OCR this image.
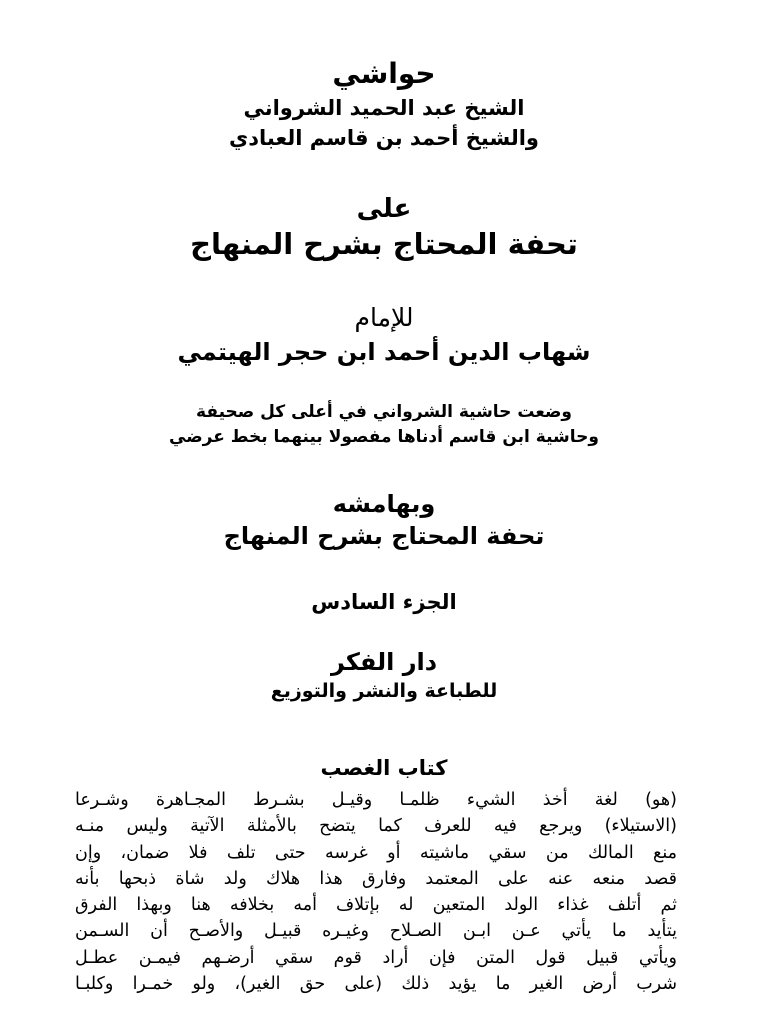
حواشي
الشيخ عبد الحميد الشرواني
والشيخ أحمد بن قاسم العبادي
على
تحفة المحتاج بشرح المنهاج
للإمام
شهاب الدين أحمد ابن حجر الهيتمي
وضعت حاشية الشرواني في أعلى كل صحيفة
وحاشية ابن قاسم أدناها مفصولا بينهما بخط عرضي
وبهامشه
تحفة المحتاج بشرح المنهاج
الجزء السادس
دار الفكر
للطباعة والنشر والتوزيع
كتاب الغصب
(هو) لغة أخذ الشيء ظلمـا وقيـل بشـرط المجـاهرة وشـرعا
(الاستيلاء) ويرجع فيه للعرف كما يتضح بالأمثلة الآتية وليس منـه
منع المالك من سقي ماشيته أو غرسه حتى تلف فلا ضمان، وإن
قصد منعه عنه على المعتمد وفارق هذا هلاك ولد شاة ذبحها بأنه
ثم أتلف غذاء الولد المتعين له بإتلاف أمه بخلافه هنا وبهذا الفرق
يتأيد ما يأتي عـن ابـن الصـلاح وغيـره قبيـل والأصـح أن السـمن
ويأتي قبيل قول المتن فإن أراد قوم سقي أرضـهم فيمـن عطـل
شرب أرض الغير ما يؤيد ذلك (على حق الغير)، ولو خمـرا وكلبـا
